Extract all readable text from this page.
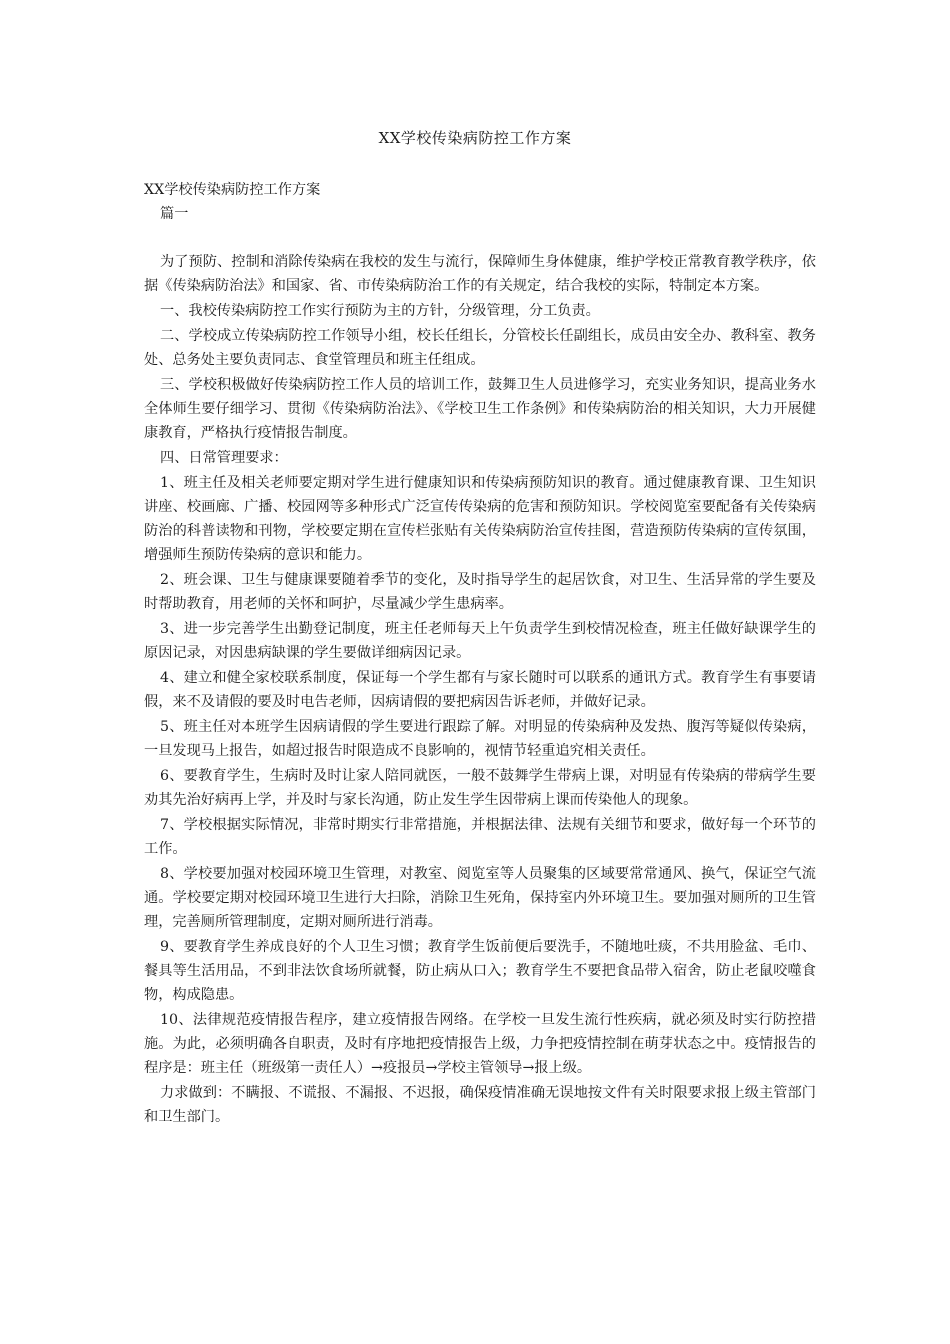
XX学校传染病防控工作方案

XX学校传染病防控工作方案

篇一

为了预防、控制和消除传染病在我校的发生与流行，保障师生身体健康，维护学校正常教育教学秩序，依据《传染病防治法》和国家、省、市传染病防治工作的有关规定，结合我校的实际，特制定本方案。

一、我校传染病防控工作实行预防为主的方针，分级管理，分工负责。

二、学校成立传染病防控工作领导小组，校长任组长，分管校长任副组长，成员由安全办、教科室、教务处、总务处主要负责同志、食堂管理员和班主任组成。

三、学校积极做好传染病防控工作人员的培训工作，鼓舞卫生人员进修学习，充实业务知识，提高业务水全体师生要仔细学习、贯彻《传染病防治法》、《学校卫生工作条例》和传染病防治的相关知识，大力开展健康教育，严格执行疫情报告制度。

四、日常管理要求：

1、班主任及相关老师要定期对学生进行健康知识和传染病预防知识的教育。通过健康教育课、卫生知识讲座、校画廊、广播、校园网等多种形式广泛宣传传染病的危害和预防知识。学校阅览室要配备有关传染病防治的科普读物和刊物，学校要定期在宣传栏张贴有关传染病防治宣传挂图，营造预防传染病的宣传氛围，增强师生预防传染病的意识和能力。

2、班会课、卫生与健康课要随着季节的变化，及时指导学生的起居饮食，对卫生、生活异常的学生要及时帮助教育，用老师的关怀和呵护，尽量减少学生患病率。

3、进一步完善学生出勤登记制度，班主任老师每天上午负责学生到校情况检查，班主任做好缺课学生的原因记录，对因患病缺课的学生要做详细病因记录。

4、建立和健全家校联系制度，保证每一个学生都有与家长随时可以联系的通讯方式。教育学生有事要请假，来不及请假的要及时电告老师，因病请假的要把病因告诉老师，并做好记录。

5、班主任对本班学生因病请假的学生要进行跟踪了解。对明显的传染病种及发热、腹泻等疑似传染病，一旦发现马上报告，如超过报告时限造成不良影响的，视情节轻重追究相关责任。

6、要教育学生，生病时及时让家人陪同就医，一般不鼓舞学生带病上课，对明显有传染病的带病学生要劝其先治好病再上学，并及时与家长沟通，防止发生学生因带病上课而传染他人的现象。

7、学校根据实际情况，非常时期实行非常措施，并根据法律、法规有关细节和要求，做好每一个环节的工作。

8、学校要加强对校园环境卫生管理，对教室、阅览室等人员聚集的区域要常常通风、换气，保证空气流通。学校要定期对校园环境卫生进行大扫除，消除卫生死角，保持室内外环境卫生。要加强对厕所的卫生管理，完善厕所管理制度，定期对厕所进行消毒。

9、要教育学生养成良好的个人卫生习惯；教育学生饭前便后要洗手，不随地吐痰，不共用脸盆、毛巾、餐具等生活用品，不到非法饮食场所就餐，防止病从口入；教育学生不要把食品带入宿舍，防止老鼠咬噬食物，构成隐患。

10、法律规范疫情报告程序，建立疫情报告网络。在学校一旦发生流行性疾病，就必须及时实行防控措施。为此，必须明确各自职责，及时有序地把疫情报告上级，力争把疫情控制在萌芽状态之中。疫情报告的程序是：班主任（班级第一责任人）→疫报员→学校主管领导→报上级。

力求做到：不瞒报、不谎报、不漏报、不迟报，确保疫情准确无误地按文件有关时限要求报上级主管部门和卫生部门。
